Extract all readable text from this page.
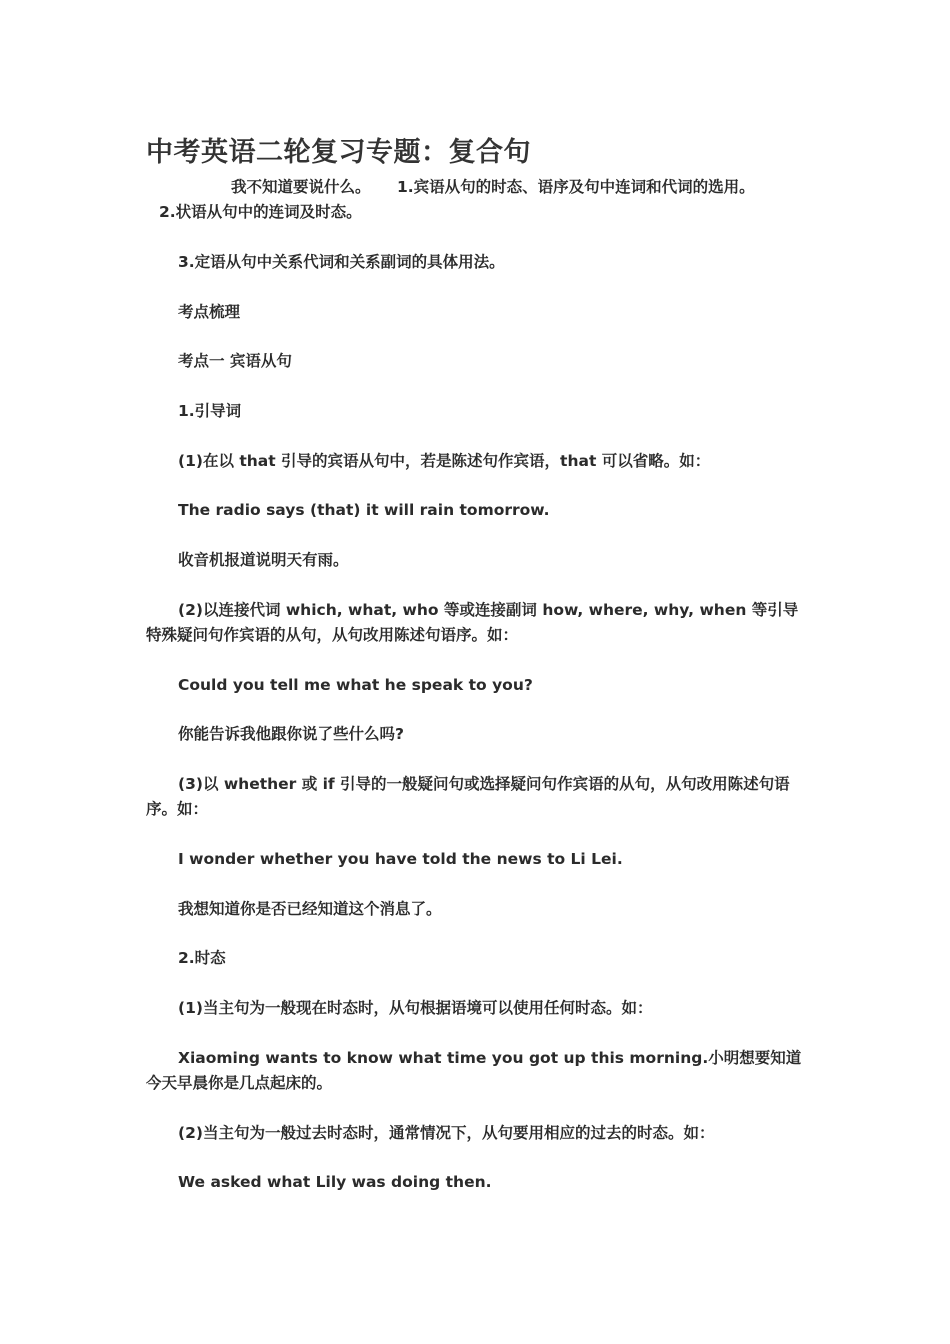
中考英语二轮复习专题：复合句
我不知道要说什么。 1.宾语从句的时态、语序及句中连词和代词的选用。
2.状语从句中的连词及时态。
3.定语从句中关系代词和关系副词的具体用法。
考点梳理
考点一 宾语从句
1.引导词
(1)在以 that 引导的宾语从句中，若是陈述句作宾语，that 可以省略。如：
The radio says (that) it will rain tomorrow.
收音机报道说明天有雨。
(2)以连接代词 which, what, who 等或连接副词 how, where, why, when 等引导特殊疑问句作宾语的从句，从句改用陈述句语序。如：
Could you tell me what he speak to you?
你能告诉我他跟你说了些什么吗?
(3)以 whether 或 if 引导的一般疑问句或选择疑问句作宾语的从句，从句改用陈述句语序。如：
I wonder whether you have told the news to Li Lei.
我想知道你是否已经知道这个消息了。
2.时态
(1)当主句为一般现在时态时，从句根据语境可以使用任何时态。如：
Xiaoming wants to know what time you got up this morning.小明想要知道今天早晨你是几点起床的。
(2)当主句为一般过去时态时，通常情况下，从句要用相应的过去的时态。如：
We asked what Lily was doing then.
